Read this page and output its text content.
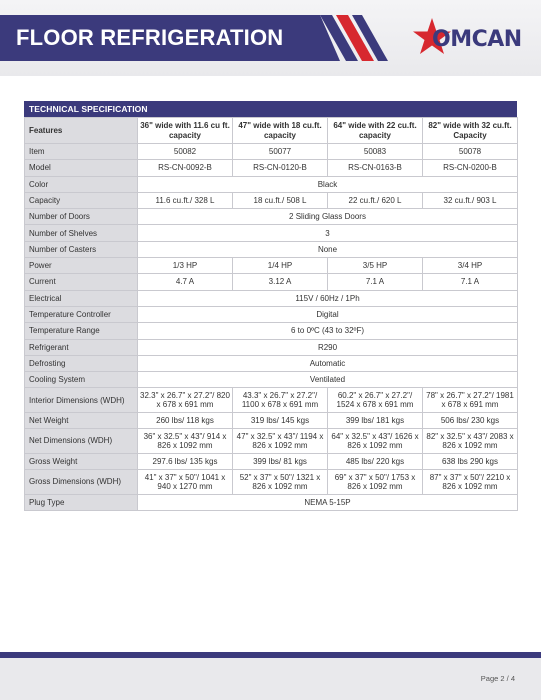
FLOOR REFRIGERATION	OMCAN
TECHNICAL SPECIFICATION
Features	36" wide with 11.6 cu ft. capacity	47" wide with 18 cu.ft. capacity	64" wide with 22 cu.ft. capacity	82" wide with 32 cu.ft. Capacity
Item	50082	50077	50083	50078
Model	RS-CN-0092-B	RS-CN-0120-B	RS-CN-0163-B	RS-CN-0200-B
Color	Black			
Capacity	11.6 cu.ft./ 328 L	18 cu.ft./ 508 L	22 cu.ft./ 620 L	32 cu.ft./ 903 L
Number of Doors	2 Sliding Glass Doors			
Number of Shelves	3			
Number of Casters	None			
Power	1/3 HP	1/4 HP	3/5 HP	3/4 HP
Current	4.7 A	3.12 A	7.1 A	7.1 A
Electrical	115V / 60Hz / 1Ph			
Temperature Controller	Digital			
Temperature Range	6 to 0ºC (43 to 32ºF)			
Refrigerant	R290			
Defrosting	Automatic			
Cooling System	Ventilated			
Interior Dimensions (WDH)	32.3" x 26.7" x 27.2"/ 820 x 678 x 691 mm	43.3" x 26.7" x 27.2"/ 1100 x 678 x 691 mm	60.2" x 26.7" x 27.2"/ 1524 x 678 x 691 mm	78" x 26.7" x 27.2"/ 1981 x 678 x 691 mm
Net Weight	260 lbs/ 118 kgs	319 lbs/ 145 kgs	399 lbs/ 181 kgs	506 lbs/ 230 kgs
Net Dimensions (WDH)	36" x 32.5" x 43"/ 914 x 826 x 1092 mm	47" x 32.5" x 43"/ 1194 x 826 x 1092 mm	64" x 32.5" x 43"/ 1626 x 826 x 1092 mm	82" x 32.5" x 43"/ 2083 x 826 x 1092 mm
Gross Weight	297.6 lbs/ 135 kgs	399 lbs/ 81 kgs	485 lbs/ 220 kgs	638 lbs 290 kgs
Gross Dimensions (WDH)	41" x 37" x 50"/ 1041 x 940 x 1270 mm	52" x 37" x 50"/ 1321 x 826 x 1092 mm	69" x 37" x 50"/ 1753 x 826 x 1092 mm	87" x 37" x 50"/ 2210 x 826 x 1092 mm
Plug Type	NEMA 5-15P			
Page 2 / 4
